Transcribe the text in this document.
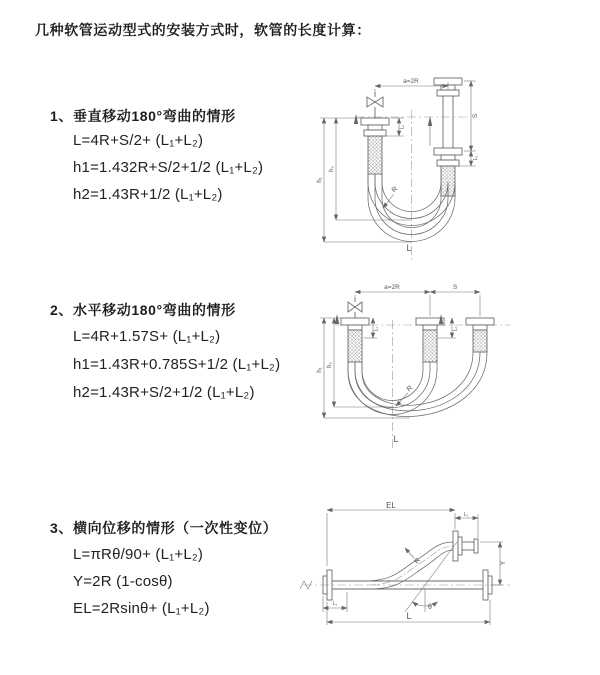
几种软管运动型式的安装方式时，软管的长度计算：
1、垂直移动180°弯曲的情形
L=4R+S/2+ (L₁+L₂)
h1=1.432R+S/2+1/2 (L₁+L₂)
h2=1.43R+1/2 (L₁+L₂)
a=2R
S
L₂
L₁
h₁
h₂
R
L
2、水平移动180°弯曲的情形
L=4R+1.57S+ (L₁+L₂)
h1=1.43R+0.785S+1/2 (L₁+L₂)
h2=1.43R+S/2+1/2 (L₁+L₂)
a=2R	S
L₁	L₂
h₁
h₂
R
L
3、横向位移的情形（一次性变位）
L=πRθ/90+ (L₁+L₂)
Y=2R (1-cosθ)
EL=2Rsinθ+ (L₁+L₂)
EL
L₂
Y
R
θ
L₁
L
